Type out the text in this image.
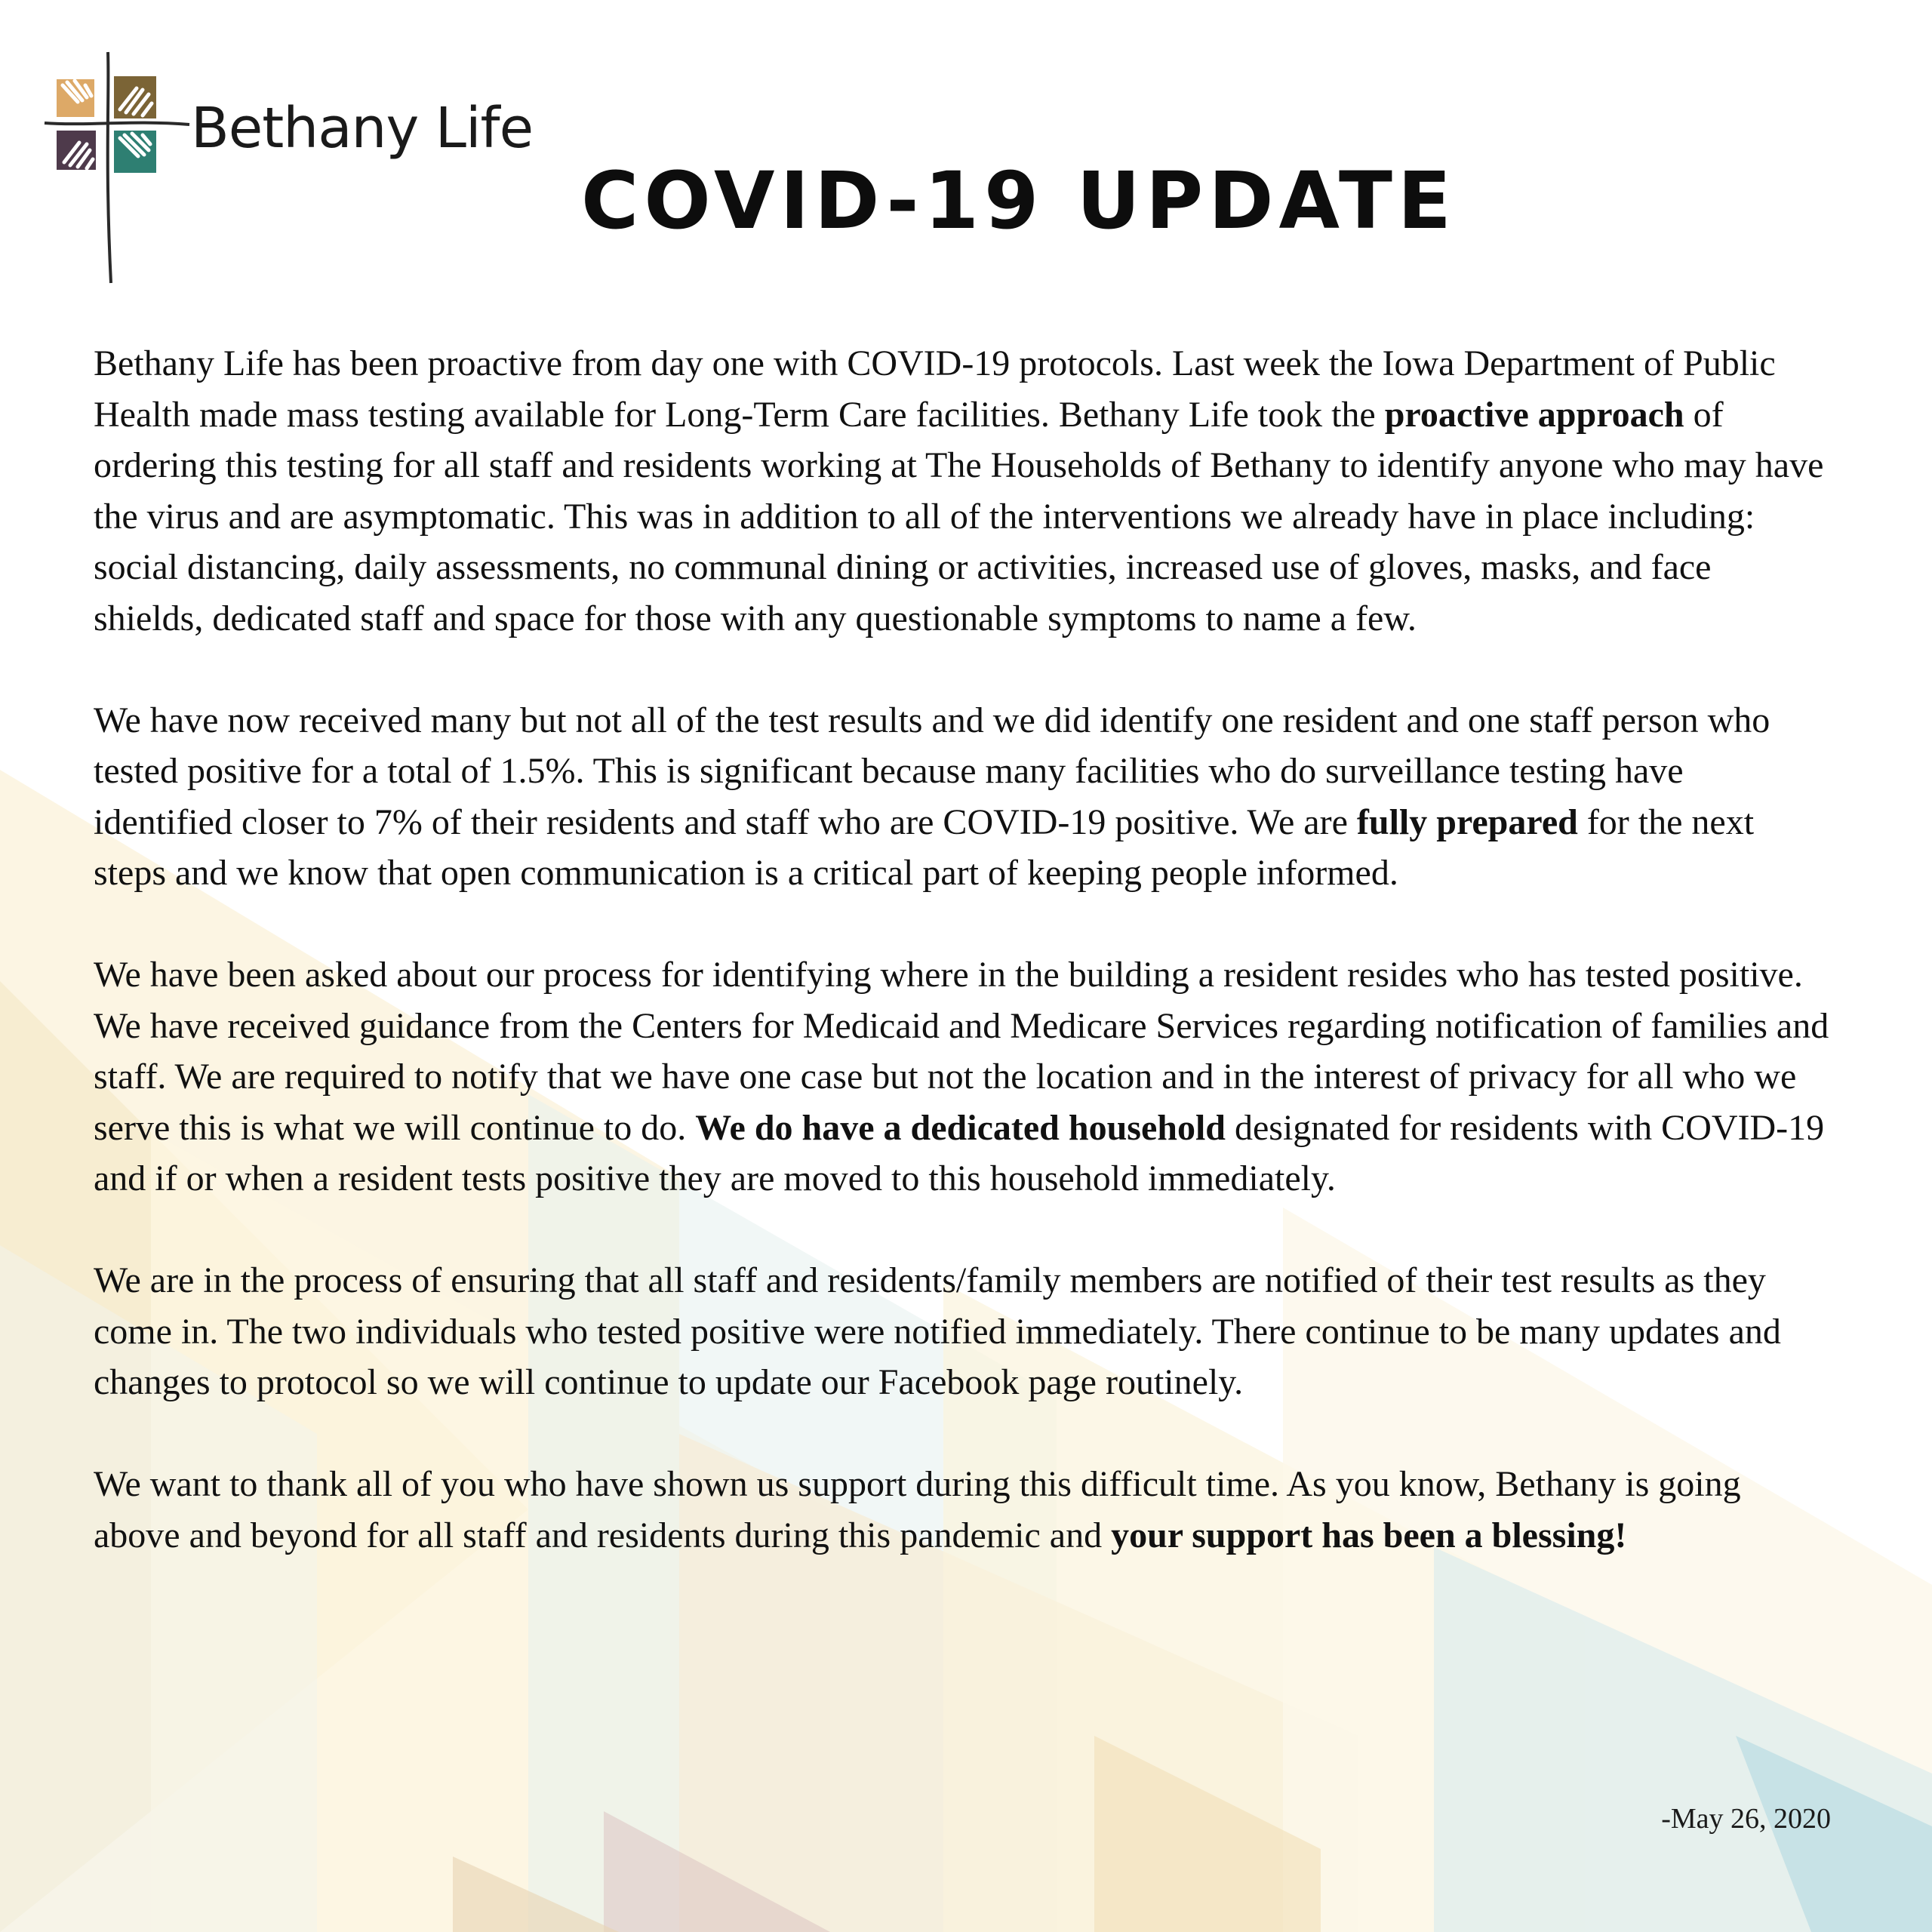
Bethany Life
COVID-19 UPDATE

Bethany Life has been proactive from day one with COVID-19 protocols. Last week the Iowa Department of Public Health made mass testing available for Long-Term Care facilities. Bethany Life took the proactive approach of ordering this testing for all staff and residents working at The Households of Bethany to identify anyone who may have the virus and are asymptomatic. This was in addition to all of the interventions we already have in place including: social distancing, daily assessments, no communal dining or activities, increased use of gloves, masks, and face shields, dedicated staff and space for those with any questionable symptoms to name a few.

We have now received many but not all of the test results and we did identify one resident and one staff person who tested positive for a total of 1.5%. This is significant because many facilities who do surveillance testing have identified closer to 7% of their residents and staff who are COVID-19 positive. We are fully prepared for the next steps and we know that open communication is a critical part of keeping people informed.

We have been asked about our process for identifying where in the building a resident resides who has tested positive. We have received guidance from the Centers for Medicaid and Medicare Services regarding notification of families and staff. We are required to notify that we have one case but not the location and in the interest of privacy for all who we serve this is what we will continue to do. We do have a dedicated household designated for residents with COVID-19 and if or when a resident tests positive they are moved to this household immediately.

We are in the process of ensuring that all staff and residents/family members are notified of their test results as they come in. The two individuals who tested positive were notified immediately. There continue to be many updates and changes to protocol so we will continue to update our Facebook page routinely.

We want to thank all of you who have shown us support during this difficult time. As you know, Bethany is going above and beyond for all staff and residents during this pandemic and your support has been a blessing!

-May 26, 2020
